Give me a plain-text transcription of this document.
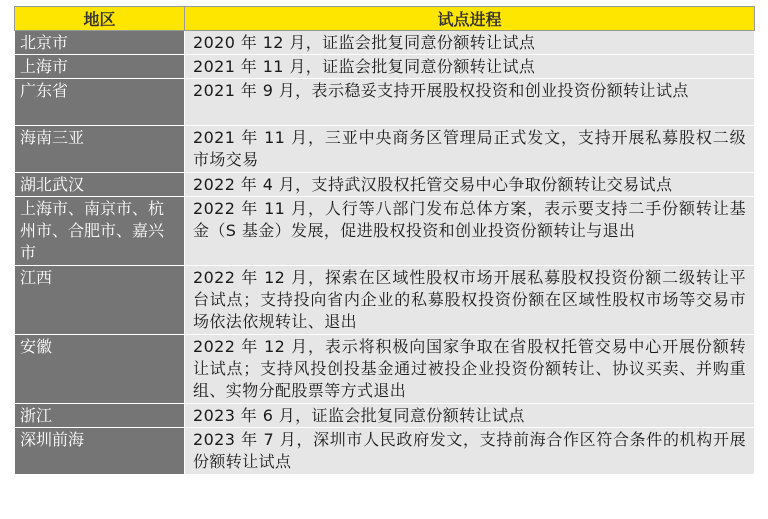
地区	试点进程
北京市	2020 年 12 月，证监会批复同意份额转让试点
上海市	2021 年 11 月，证监会批复同意份额转让试点
广东省	2021 年 9 月，表示稳妥支持开展股权投资和创业投资份额转让试点
海南三亚	2021 年 11 月，三亚中央商务区管理局正式发文，支持开展私募股权二级市场交易
湖北武汉	2022 年 4 月，支持武汉股权托管交易中心争取份额转让交易试点
上海市、南京市、杭州市、合肥市、嘉兴市	2022 年 11 月，人行等八部门发布总体方案，表示要支持二手份额转让基金（S 基金）发展，促进股权投资和创业投资份额转让与退出
江西	2022 年 12 月，探索在区域性股权市场开展私募股权投资份额二级转让平台试点；支持投向省内企业的私募股权投资份额在区域性股权市场等交易市场依法依规转让、退出
安徽	2022 年 12 月，表示将积极向国家争取在省股权托管交易中心开展份额转让试点；支持风投创投基金通过被投企业投资份额转让、协议买卖、并购重组、实物分配股票等方式退出
浙江	2023 年 6 月，证监会批复同意份额转让试点
深圳前海	2023 年 7 月，深圳市人民政府发文，支持前海合作区符合条件的机构开展份额转让试点
